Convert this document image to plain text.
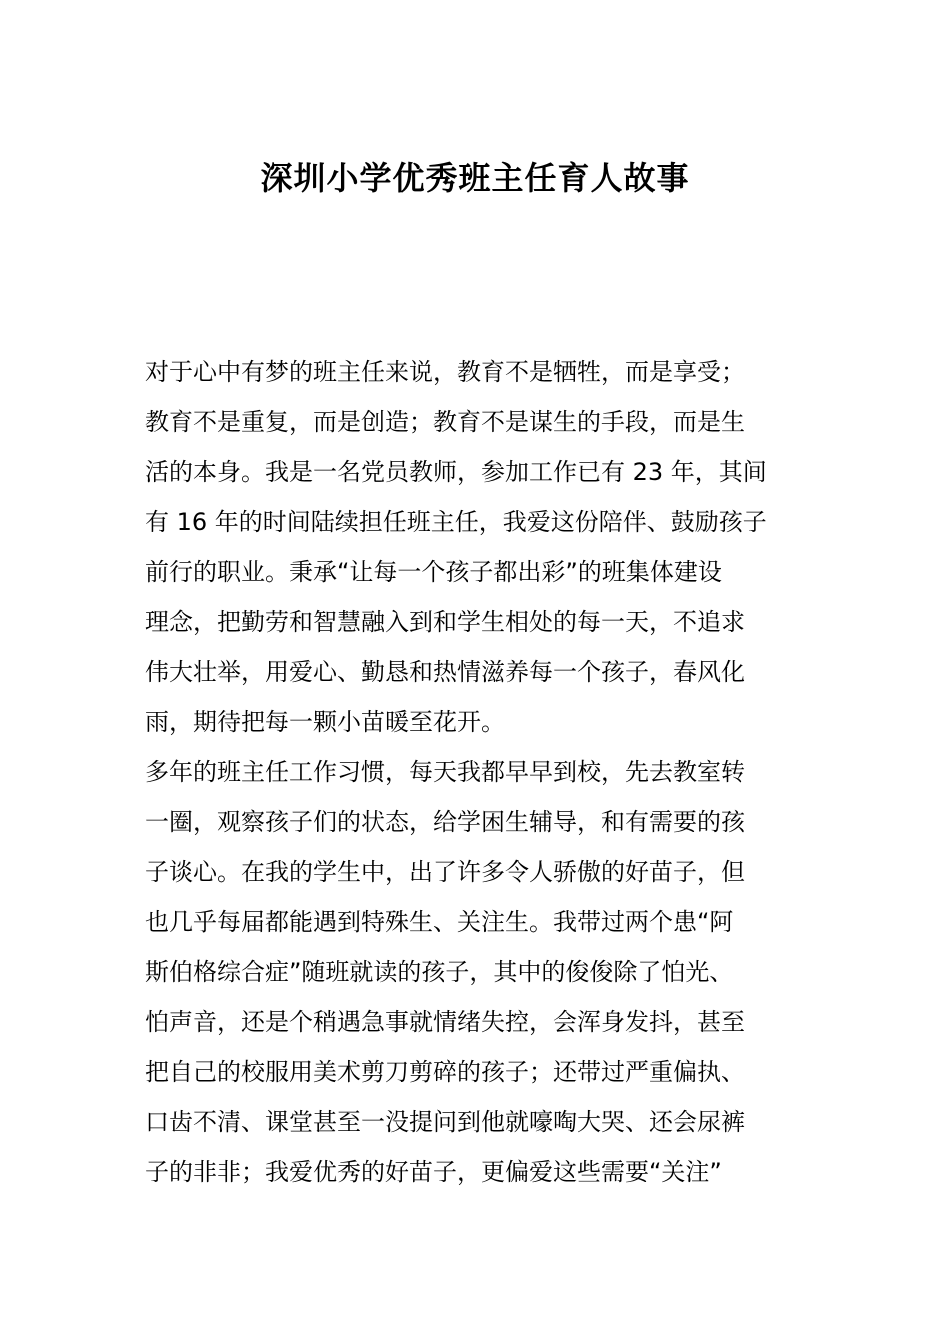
深圳小学优秀班主任育人故事
对于心中有梦的班主任来说，教育不是牺牲，而是享受；
教育不是重复，而是创造；教育不是谋生的手段，而是生
活的本身。我是一名党员教师，参加工作已有 23 年，其间
有 16 年的时间陆续担任班主任，我爱这份陪伴、鼓励孩子
前行的职业。秉承“让每一个孩子都出彩”的班集体建设
理念，把勤劳和智慧融入到和学生相处的每一天，不追求
伟大壮举，用爱心、勤恳和热情滋养每一个孩子，春风化
雨，期待把每一颗小苗暖至花开。
多年的班主任工作习惯，每天我都早早到校，先去教室转
一圈，观察孩子们的状态，给学困生辅导，和有需要的孩
子谈心。在我的学生中，出了许多令人骄傲的好苗子，但
也几乎每届都能遇到特殊生、关注生。我带过两个患“阿
斯伯格综合症”随班就读的孩子，其中的俊俊除了怕光、
怕声音，还是个稍遇急事就情绪失控，会浑身发抖，甚至
把自己的校服用美术剪刀剪碎的孩子；还带过严重偏执、
口齿不清、课堂甚至一没提问到他就嚎啕大哭、还会尿裤
子的非非；我爱优秀的好苗子，更偏爱这些需要“关注”
